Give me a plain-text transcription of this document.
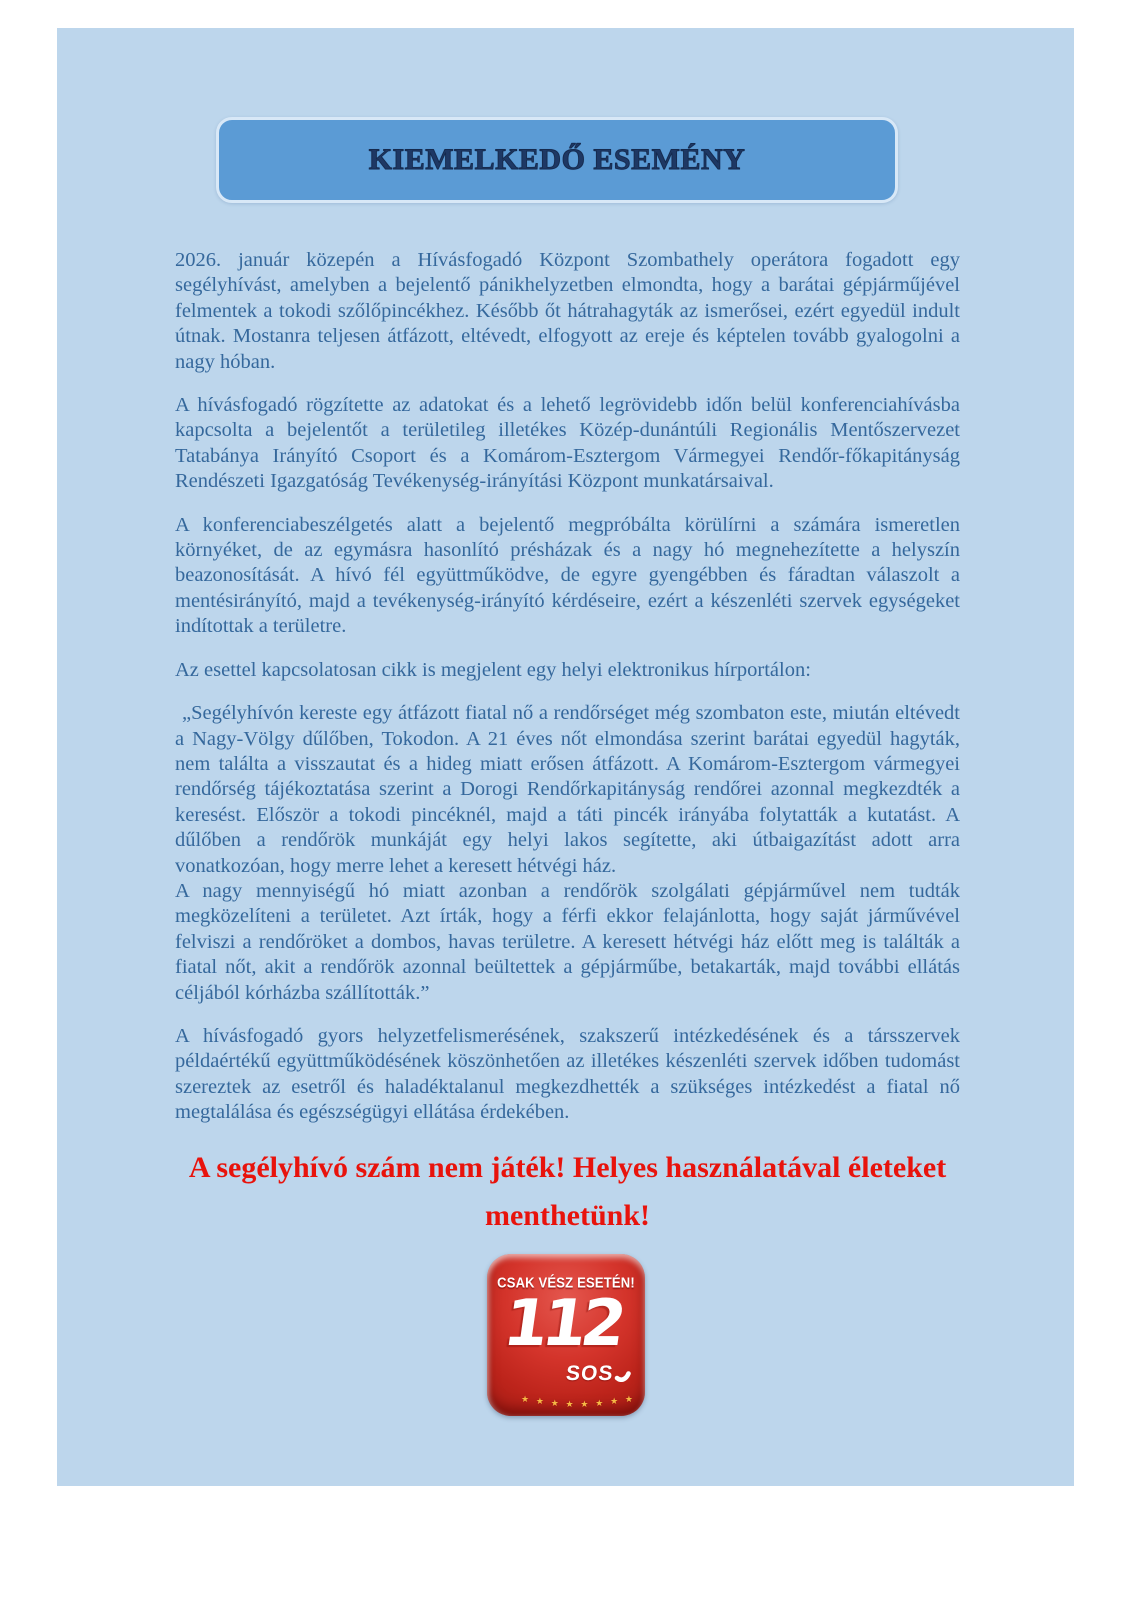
KIEMELKEDŐ ESEMÉNY

2026. január közepén a Hívásfogadó Központ Szombathely operátora fogadott egy segélyhívást, amelyben a bejelentő pánikhelyzetben elmondta, hogy a barátai gépjárműjével felmentek a tokodi szőlőpincékhez. Később őt hátrahagyták az ismerősei, ezért egyedül indult útnak. Mostanra teljesen átfázott, eltévedt, elfogyott az ereje és képtelen tovább gyalogolni a nagy hóban.

A hívásfogadó rögzítette az adatokat és a lehető legrövidebb időn belül konferenciahívásba kapcsolta a bejelentőt a területileg illetékes Közép-dunántúli Regionális Mentőszervezet Tatabánya Irányító Csoport és a Komárom-Esztergom Vármegyei Rendőr-főkapitányság Rendészeti Igazgatóság Tevékenység-irányítási Központ munkatársaival.

A konferenciabeszélgetés alatt a bejelentő megpróbálta körülírni a számára ismeretlen környéket, de az egymásra hasonlító présházak és a nagy hó megnehezítette a helyszín beazonosítását. A hívó fél együttműködve, de egyre gyengébben és fáradtan válaszolt a mentésirányító, majd a tevékenység-irányító kérdéseire, ezért a készenléti szervek egységeket indítottak a területre.

Az esettel kapcsolatosan cikk is megjelent egy helyi elektronikus hírportálon:

„Segélyhívón kereste egy átfázott fiatal nő a rendőrséget még szombaton este, miután eltévedt a Nagy-Völgy dűlőben, Tokodon. A 21 éves nőt elmondása szerint barátai egyedül hagyták, nem találta a visszautat és a hideg miatt erősen átfázott. A Komárom-Esztergom vármegyei rendőrség tájékoztatása szerint a Dorogi Rendőrkapitányság rendőrei azonnal megkezdték a keresést. Először a tokodi pincéknél, majd a táti pincék irányába folytatták a kutatást. A dűlőben a rendőrök munkáját egy helyi lakos segítette, aki útbaigazítást adott arra vonatkozóan, hogy merre lehet a keresett hétvégi ház.

A nagy mennyiségű hó miatt azonban a rendőrök szolgálati gépjárművel nem tudták megközelíteni a területet. Azt írták, hogy a férfi ekkor felajánlotta, hogy saját járművével felviszi a rendőröket a dombos, havas területre. A keresett hétvégi ház előtt meg is találták a fiatal nőt, akit a rendőrök azonnal beültettek a gépjárműbe, betakarták, majd további ellátás céljából kórházba szállították.”

A hívásfogadó gyors helyzetfelismerésének, szakszerű intézkedésének és a társszervek példaértékű együttműködésének köszönhetően az illetékes készenléti szervek időben tudomást szereztek az esetről és haladéktalanul megkezdhették a szükséges intézkedést a fiatal nő megtalálása és egészségügyi ellátása érdekében.

A segélyhívó szám nem játék! Helyes használatával életeket menthetünk!
CSAK VÉSZ ESETÉN!
112
SOS
★ ★ ★ ★ ★ ★ ★ ★
